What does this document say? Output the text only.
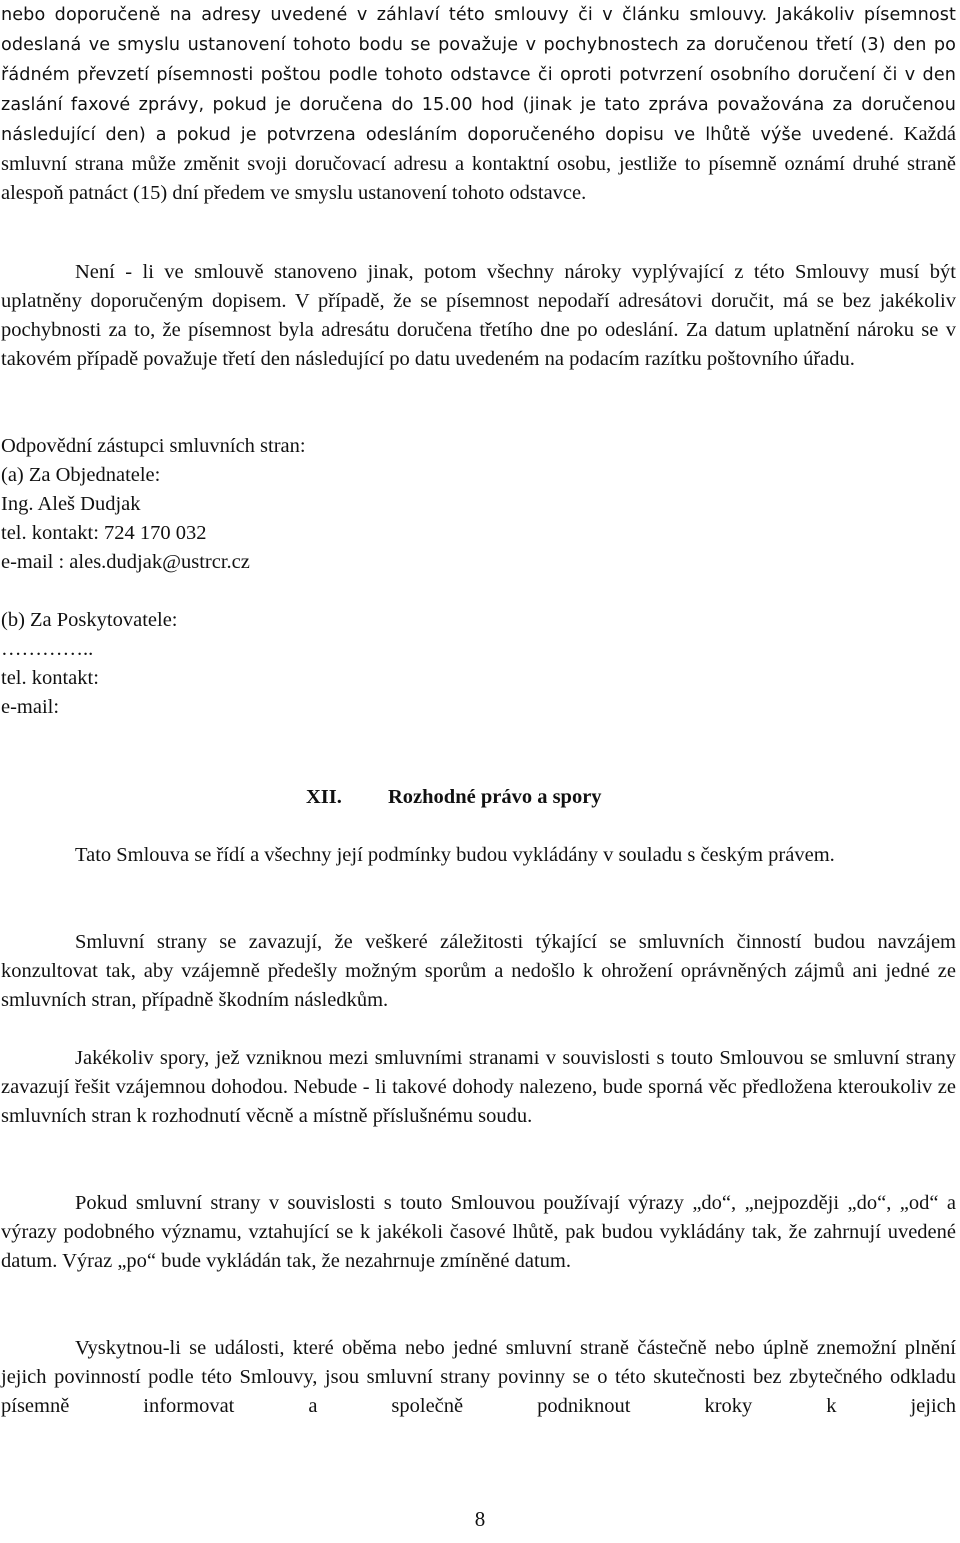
nebo doporučeně na adresy uvedené v záhlaví této smlouvy či v článku smlouvy. Jakákoliv písemnost odeslaná ve smyslu ustanovení tohoto bodu se považuje v pochybnostech za doručenou třetí (3) den po řádném převzetí písemnosti poštou podle tohoto odstavce či oproti potvrzení osobního doručení či v den zaslání faxové zprávy, pokud je doručena do 15.00 hod (jinak je tato zpráva považována za doručenou následující den) a pokud je potvrzena odesláním doporučeného dopisu ve lhůtě výše uvedené. Každá smluvní strana může změnit svoji doručovací adresu a kontaktní osobu, jestliže to písemně oznámí druhé straně alespoň patnáct (15) dní předem ve smyslu ustanovení tohoto odstavce.

Není - li ve smlouvě stanoveno jinak, potom všechny nároky vyplývající z této Smlouvy musí být uplatněny doporučeným dopisem. V případě, že se písemnost nepodaří adresátovi doručit, má se bez jakékoliv pochybnosti za to, že písemnost byla adresátu doručena třetího dne po odeslání. Za datum uplatnění nároku se v takovém případě považuje třetí den následující po datu uvedeném na podacím razítku poštovního úřadu.

Odpovědní zástupci smluvních stran:
(a) Za Objednatele:
Ing. Aleš Dudjak
tel. kontakt: 724 170 032
e-mail : ales.dudjak@ustrcr.cz
(b) Za Poskytovatele:
…………..
tel. kontakt:
e-mail:
XII. Rozhodné právo a spory

Tato Smlouva se řídí a všechny její podmínky budou vykládány v souladu s českým právem.

Smluvní strany se zavazují, že veškeré záležitosti týkající se smluvních činností budou navzájem konzultovat tak, aby vzájemně předešly možným sporům a nedošlo k ohrožení oprávněných zájmů ani jedné ze smluvních stran, případně škodním následkům.

Jakékoliv spory, jež vzniknou mezi smluvními stranami v souvislosti s touto Smlouvou se smluvní strany zavazují řešit vzájemnou dohodou. Nebude - li takové dohody nalezeno, bude sporná věc předložena kteroukoliv ze smluvních stran k rozhodnutí věcně a místně příslušnému soudu.

Pokud smluvní strany v souvislosti s touto Smlouvou používají výrazy „do“, „nejpozději „do“, „od“ a výrazy podobného významu, vztahující se k jakékoli časové lhůtě, pak budou vykládány tak, že zahrnují uvedené datum. Výraz „po“ bude vykládán tak, že nezahrnuje zmíněné datum.

Vyskytnou-li se události, které oběma nebo jedné smluvní straně částečně nebo úplně znemožní plnění jejich povinností podle této Smlouvy, jsou smluvní strany povinny se o této skutečnosti bez zbytečného odkladu písemně informovat a společně podniknout kroky k jejich

8
